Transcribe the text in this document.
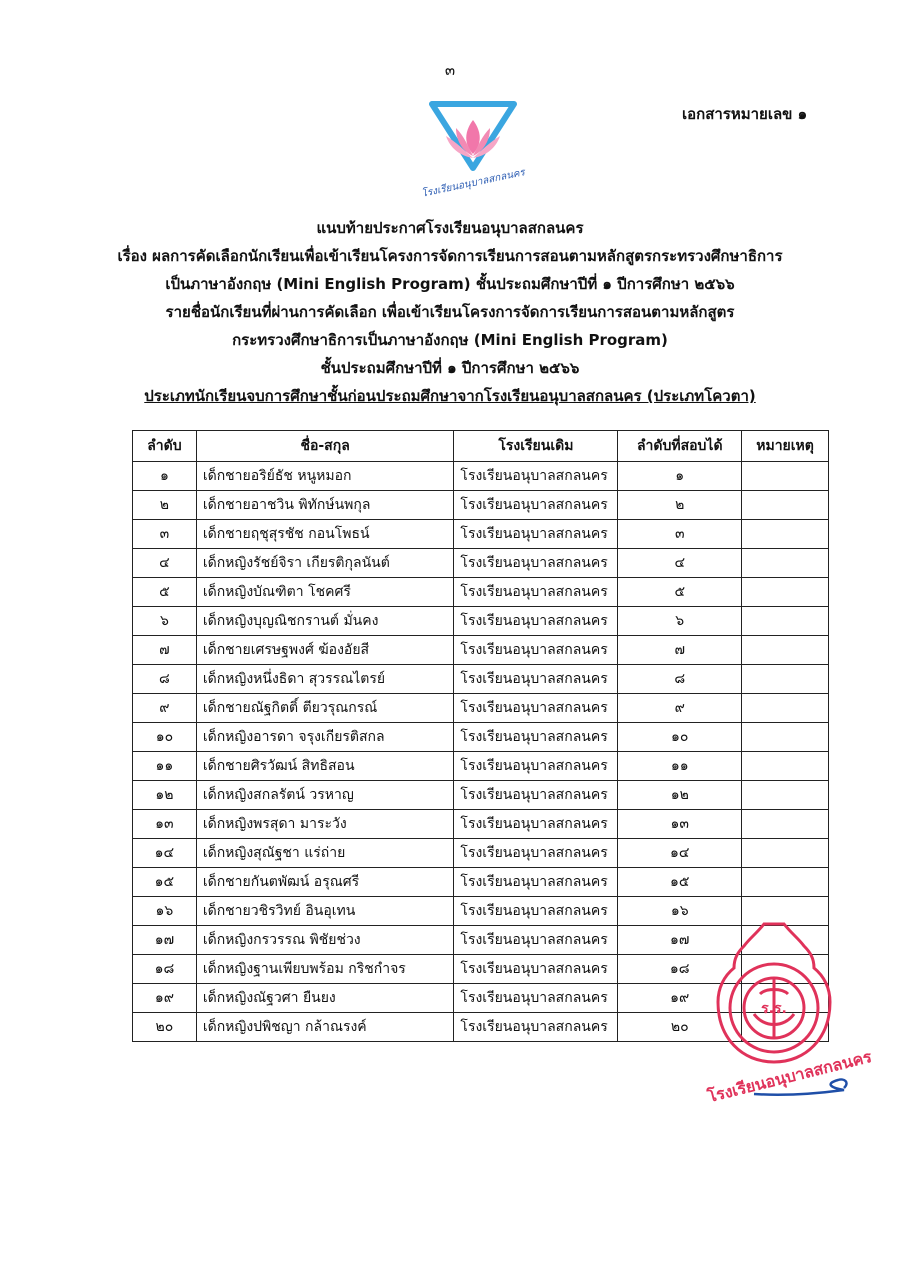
๓
เอกสารหมายเลข ๑
โรงเรียนอนุบาลสกลนคร
แนบท้ายประกาศโรงเรียนอนุบาลสกลนคร
เรื่อง ผลการคัดเลือกนักเรียนเพื่อเข้าเรียนโครงการจัดการเรียนการสอนตามหลักสูตรกระทรวงศึกษาธิการ
เป็นภาษาอังกฤษ (Mini English Program) ชั้นประถมศึกษาปีที่ ๑ ปีการศึกษา ๒๕๖๖
รายชื่อนักเรียนที่ผ่านการคัดเลือก เพื่อเข้าเรียนโครงการจัดการเรียนการสอนตามหลักสูตร
กระทรวงศึกษาธิการเป็นภาษาอังกฤษ (Mini English Program)
ชั้นประถมศึกษาปีที่ ๑ ปีการศึกษา ๒๕๖๖
ประเภทนักเรียนจบการศึกษาชั้นก่อนประถมศึกษาจากโรงเรียนอนุบาลสกลนคร (ประเภทโควตา)
ลำดับ	ชื่อ-สกุล	โรงเรียนเดิม	ลำดับที่สอบได้	หมายเหตุ
๑	เด็กชายอริย์ธัช หนูหมอก	โรงเรียนอนุบาลสกลนคร	๑	
๒	เด็กชายอาชวิน พิทักษ์นพกุล	โรงเรียนอนุบาลสกลนคร	๒	
๓	เด็กชายฤชุสุรชัช กอนโพธน์	โรงเรียนอนุบาลสกลนคร	๓	
๔	เด็กหญิงรัชย์จิรา เกียรติกุลนันต์	โรงเรียนอนุบาลสกลนคร	๔	
๕	เด็กหญิงบัณฑิตา โชคศรี	โรงเรียนอนุบาลสกลนคร	๕	
๖	เด็กหญิงบุญณิชกรานต์ มั่นคง	โรงเรียนอนุบาลสกลนคร	๖	
๗	เด็กชายเศรษฐพงศ์ ฆ้องอัยสี	โรงเรียนอนุบาลสกลนคร	๗	
๘	เด็กหญิงหนึ่งธิดา สุวรรณไตรย์	โรงเรียนอนุบาลสกลนคร	๘	
๙	เด็กชายณัฐกิตติ์ ตียวรุณกรณ์	โรงเรียนอนุบาลสกลนคร	๙	
๑๐	เด็กหญิงอารดา จรุงเกียรติสกล	โรงเรียนอนุบาลสกลนคร	๑๐	
๑๑	เด็กชายศิรวัฒน์ สิทธิสอน	โรงเรียนอนุบาลสกลนคร	๑๑	
๑๒	เด็กหญิงสกลรัตน์ วรหาญ	โรงเรียนอนุบาลสกลนคร	๑๒	
๑๓	เด็กหญิงพรสุดา มาระวัง	โรงเรียนอนุบาลสกลนคร	๑๓	
๑๔	เด็กหญิงสุณัฐชา แร่ถ่าย	โรงเรียนอนุบาลสกลนคร	๑๔	
๑๕	เด็กชายกันตพัฒน์ อรุณศรี	โรงเรียนอนุบาลสกลนคร	๑๕	
๑๖	เด็กชายวชิรวิทย์ อินอุเทน	โรงเรียนอนุบาลสกลนคร	๑๖	
๑๗	เด็กหญิงกรวรรณ พิชัยช่วง	โรงเรียนอนุบาลสกลนคร	๑๗	
๑๘	เด็กหญิงฐานเพียบพร้อม กริชกำจร	โรงเรียนอนุบาลสกลนคร	๑๘	
๑๙	เด็กหญิงณัฐวศา ยืนยง	โรงเรียนอนุบาลสกลนคร	๑๙	
๒๐	เด็กหญิงปพิชญา กล้าณรงค์	โรงเรียนอนุบาลสกลนคร	๒๐	
ร.ร.
โรงเรียนอนุบาลสกลนคร
